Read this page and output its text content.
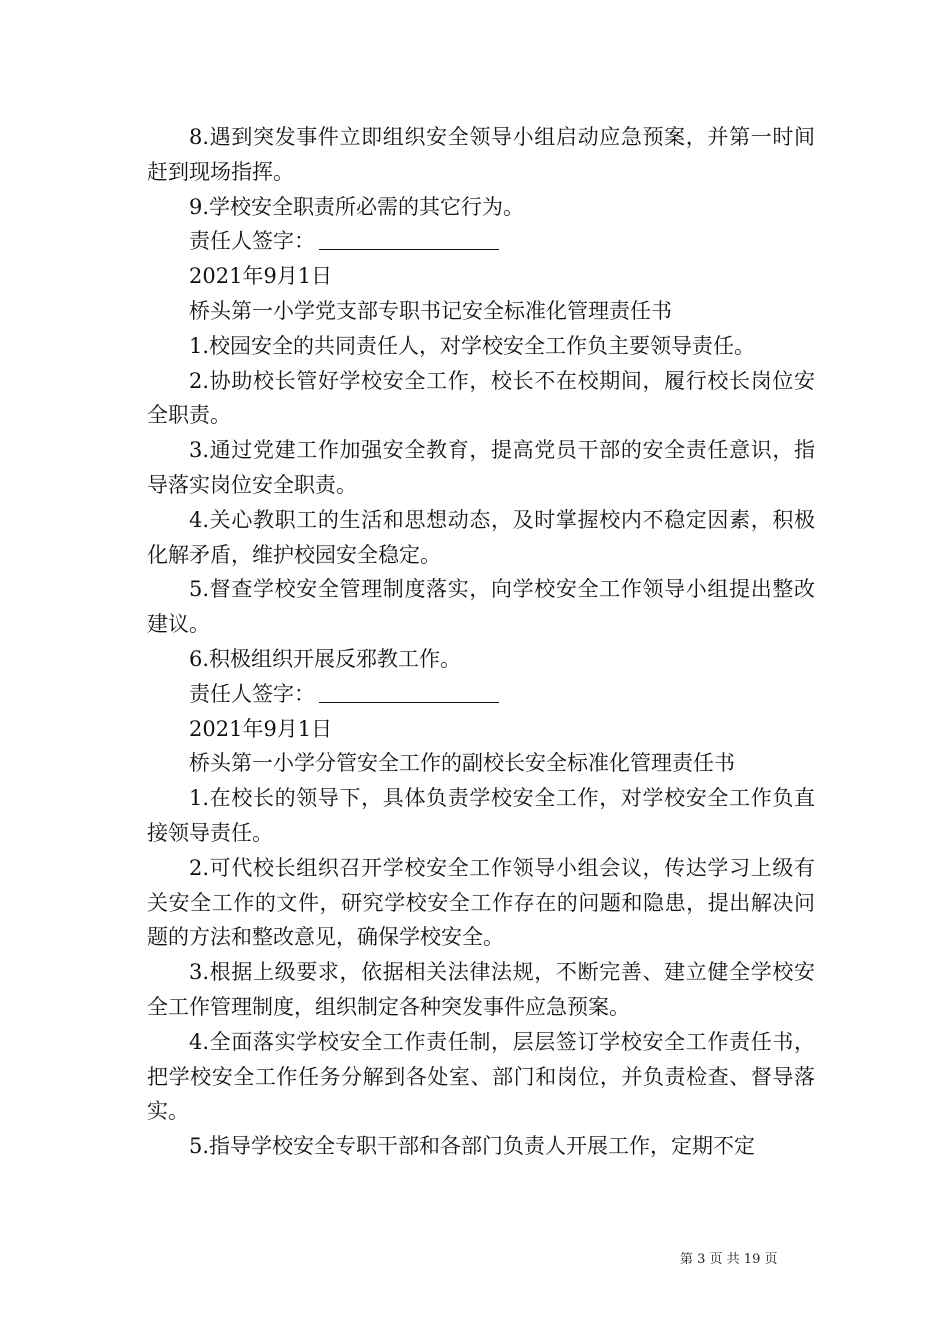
8.遇到突发事件立即组织安全领导小组启动应急预案，并第一时间赶到现场指挥。

9.学校安全职责所必需的其它行为。

责任人签字：

2021年9月1日

桥头第一小学党支部专职书记安全标准化管理责任书

1.校园安全的共同责任人，对学校安全工作负主要领导责任。

2.协助校长管好学校安全工作，校长不在校期间，履行校长岗位安全职责。

3.通过党建工作加强安全教育，提高党员干部的安全责任意识，指导落实岗位安全职责。

4.关心教职工的生活和思想动态，及时掌握校内不稳定因素，积极化解矛盾，维护校园安全稳定。

5.督查学校安全管理制度落实，向学校安全工作领导小组提出整改建议。

6.积极组织开展反邪教工作。

责任人签字：

2021年9月1日

桥头第一小学分管安全工作的副校长安全标准化管理责任书

1.在校长的领导下，具体负责学校安全工作，对学校安全工作负直接领导责任。

2.可代校长组织召开学校安全工作领导小组会议，传达学习上级有关安全工作的文件，研究学校安全工作存在的问题和隐患，提出解决问题的方法和整改意见，确保学校安全。

3.根据上级要求，依据相关法律法规，不断完善、建立健全学校安全工作管理制度，组织制定各种突发事件应急预案。

4.全面落实学校安全工作责任制，层层签订学校安全工作责任书，把学校安全工作任务分解到各处室、部门和岗位，并负责检查、督导落实。

5.指导学校安全专职干部和各部门负责人开展工作，定期不定

第 3 页 共 19 页
